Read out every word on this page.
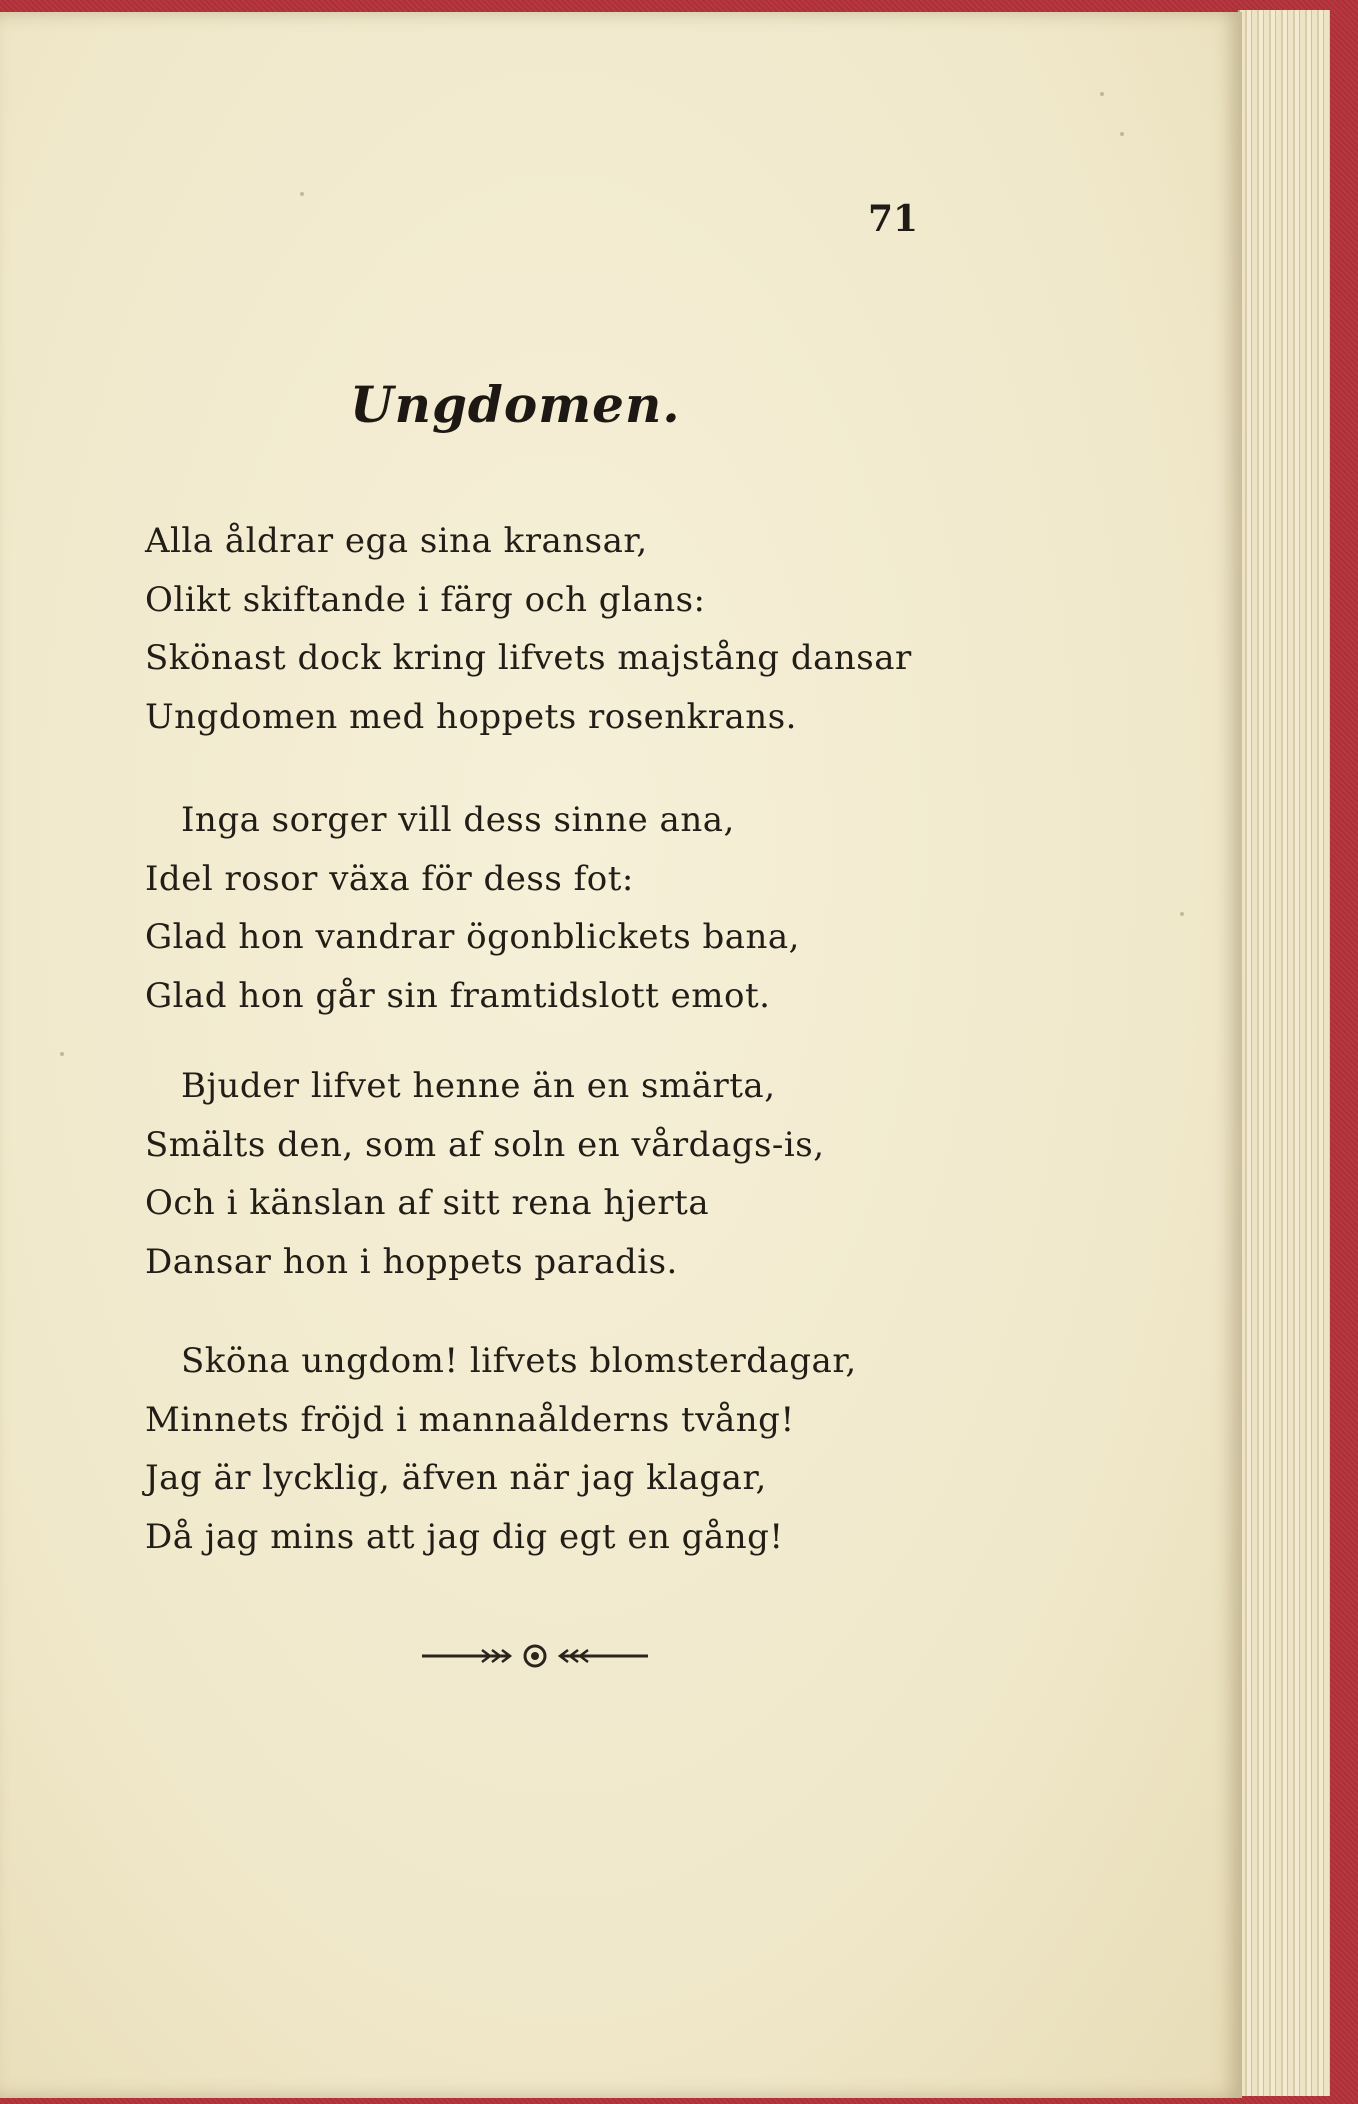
71
Ungdomen.
Alla åldrar ega sina kransar,
Olikt skiftande i färg och glans:
Skönast dock kring lifvets majstång dansar
Ungdomen med hoppets rosenkrans.
Inga sorger vill dess sinne ana,
Idel rosor växa för dess fot:
Glad hon vandrar ögonblickets bana,
Glad hon går sin framtidslott emot.
Bjuder lifvet henne än en smärta,
Smälts den, som af soln en vårdags-is,
Och i känslan af sitt rena hjerta
Dansar hon i hoppets paradis.
Sköna ungdom! lifvets blomsterdagar,
Minnets fröjd i mannaålderns tvång!
Jag är lycklig, äfven när jag klagar,
Då jag mins att jag dig egt en gång!
